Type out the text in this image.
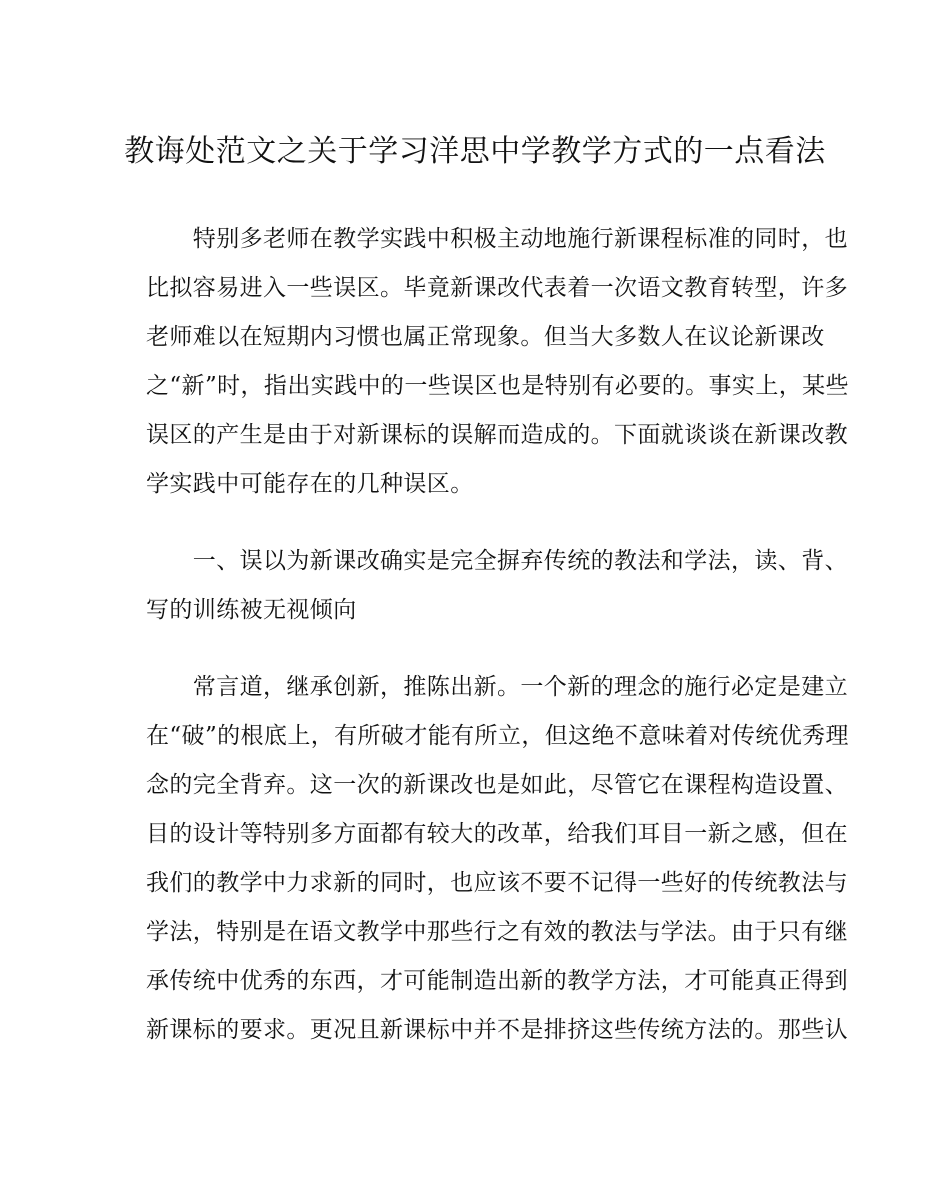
教诲处范文之关于学习洋思中学教学方式的一点看法
　　特别多老师在教学实践中积极主动地施行新课程标准的同时，也
比拟容易进入一些误区。毕竟新课改代表着一次语文教育转型，许多
老师难以在短期内习惯也属正常现象。但当大多数人在议论新课改
之“新”时，指出实践中的一些误区也是特别有必要的。事实上，某些
误区的产生是由于对新课标的误解而造成的。下面就谈谈在新课改教
学实践中可能存在的几种误区。
　　一、误以为新课改确实是完全摒弃传统的教法和学法，读、背、
写的训练被无视倾向
　　常言道，继承创新，推陈出新。一个新的理念的施行必定是建立
在“破”的根底上，有所破才能有所立，但这绝不意味着对传统优秀理
念的完全背弃。这一次的新课改也是如此，尽管它在课程构造设置、
目的设计等特别多方面都有较大的改革，给我们耳目一新之感，但在
我们的教学中力求新的同时，也应该不要不记得一些好的传统教法与
学法，特别是在语文教学中那些行之有效的教法与学法。由于只有继
承传统中优秀的东西，才可能制造出新的教学方法，才可能真正得到
新课标的要求。更况且新课标中并不是排挤这些传统方法的。那些认
